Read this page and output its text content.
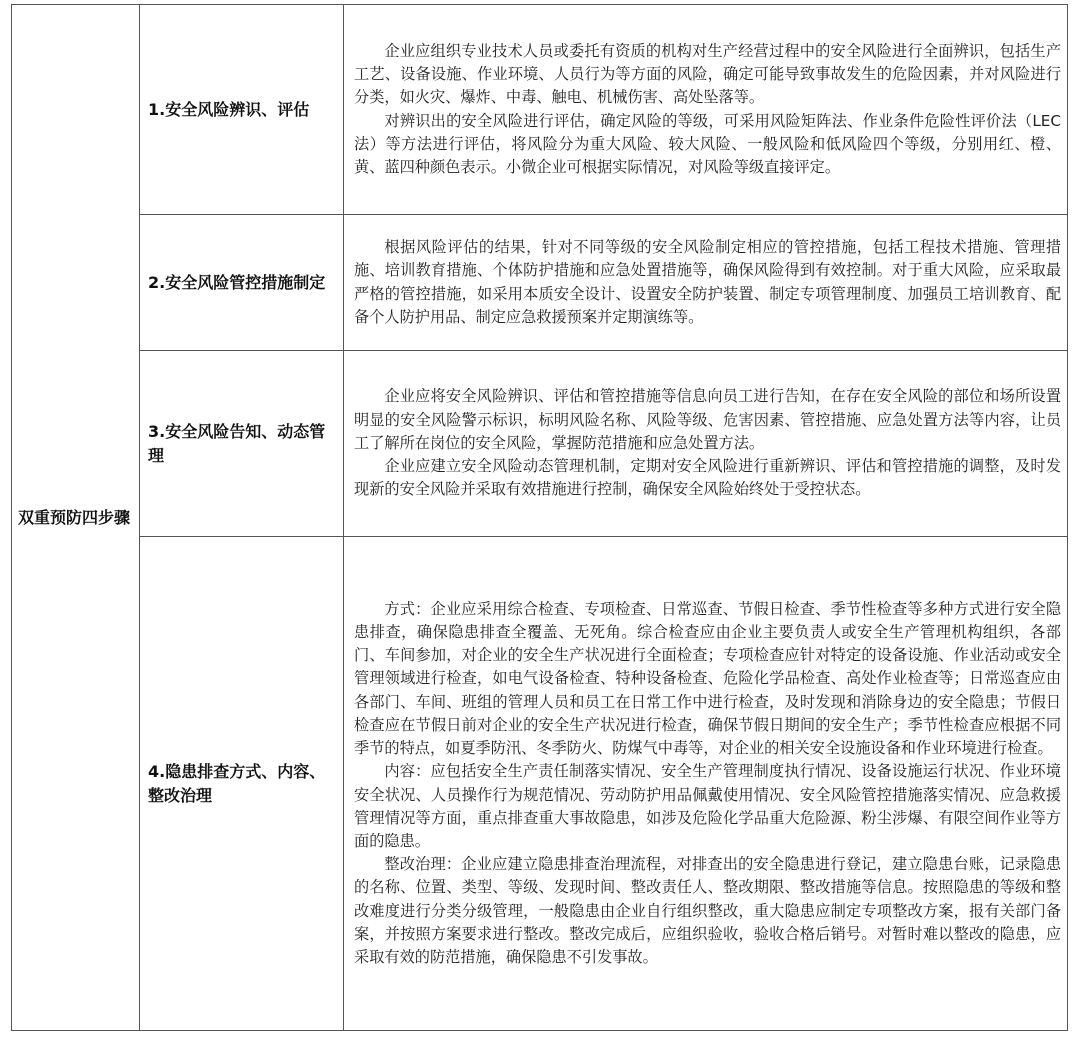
双重预防四步骤	1.安全风险辨识、评估	企业应组织专业技术人员或委托有资质的机构对生产经营过程中的安全风险进行全面辨识，包括生产工艺、设备设施、作业环境、人员行为等方面的风险，确定可能导致事故发生的危险因素，并对风险进行分类，如火灾、爆炸、中毒、触电、机械伤害、高处坠落等。

对辨识出的安全风险进行评估，确定风险的等级，可采用风险矩阵法、作业条件危险性评价法（LEC 法）等方法进行评估，将风险分为重大风险、较大风险、一般风险和低风险四个等级，分别用红、橙、黄、蓝四种颜色表示。小微企业可根据实际情况，对风险等级直接评定。

	2.安全风险管控措施制定	根据风险评估的结果，针对不同等级的安全风险制定相应的管控措施，包括工程技术措施、管理措施、培训教育措施、个体防护措施和应急处置措施等，确保风险得到有效控制。对于重大风险，应采取最严格的管控措施，如采用本质安全设计、设置安全防护装置、制定专项管理制度、加强员工培训教育、配备个人防护用品、制定应急救援预案并定期演练等。

	3.安全风险告知、动态管理	企业应将安全风险辨识、评估和管控措施等信息向员工进行告知，在存在安全风险的部位和场所设置明显的安全风险警示标识，标明风险名称、风险等级、危害因素、管控措施、应急处置方法等内容，让员工了解所在岗位的安全风险，掌握防范措施和应急处置方法。

企业应建立安全风险动态管理机制，定期对安全风险进行重新辨识、评估和管控措施的调整，及时发现新的安全风险并采取有效措施进行控制，确保安全风险始终处于受控状态。

	4.隐患排查方式、内容、整改治理	方式：企业应采用综合检查、专项检查、日常巡查、节假日检查、季节性检查等多种方式进行安全隐患排查，确保隐患排查全覆盖、无死角。综合检查应由企业主要负责人或安全生产管理机构组织，各部门、车间参加，对企业的安全生产状况进行全面检查；专项检查应针对特定的设备设施、作业活动或安全管理领域进行检查，如电气设备检查、特种设备检查、危险化学品检查、高处作业检查等；日常巡查应由各部门、车间、班组的管理人员和员工在日常工作中进行检查，及时发现和消除身边的安全隐患；节假日检查应在节假日前对企业的安全生产状况进行检查，确保节假日期间的安全生产；季节性检查应根据不同季节的特点，如夏季防汛、冬季防火、防煤气中毒等，对企业的相关安全设施设备和作业环境进行检查。

内容：应包括安全生产责任制落实情况、安全生产管理制度执行情况、设备设施运行状况、作业环境安全状况、人员操作行为规范情况、劳动防护用品佩戴使用情况、安全风险管控措施落实情况、应急救援管理情况等方面，重点排查重大事故隐患，如涉及危险化学品重大危险源、粉尘涉爆、有限空间作业等方面的隐患。

整改治理：企业应建立隐患排查治理流程，对排查出的安全隐患进行登记，建立隐患台账，记录隐患的名称、位置、类型、等级、发现时间、整改责任人、整改期限、整改措施等信息。按照隐患的等级和整改难度进行分类分级管理，一般隐患由企业自行组织整改，重大隐患应制定专项整改方案，报有关部门备案，并按照方案要求进行整改。整改完成后，应组织验收，验收合格后销号。对暂时难以整改的隐患，应采取有效的防范措施，确保隐患不引发事故。
